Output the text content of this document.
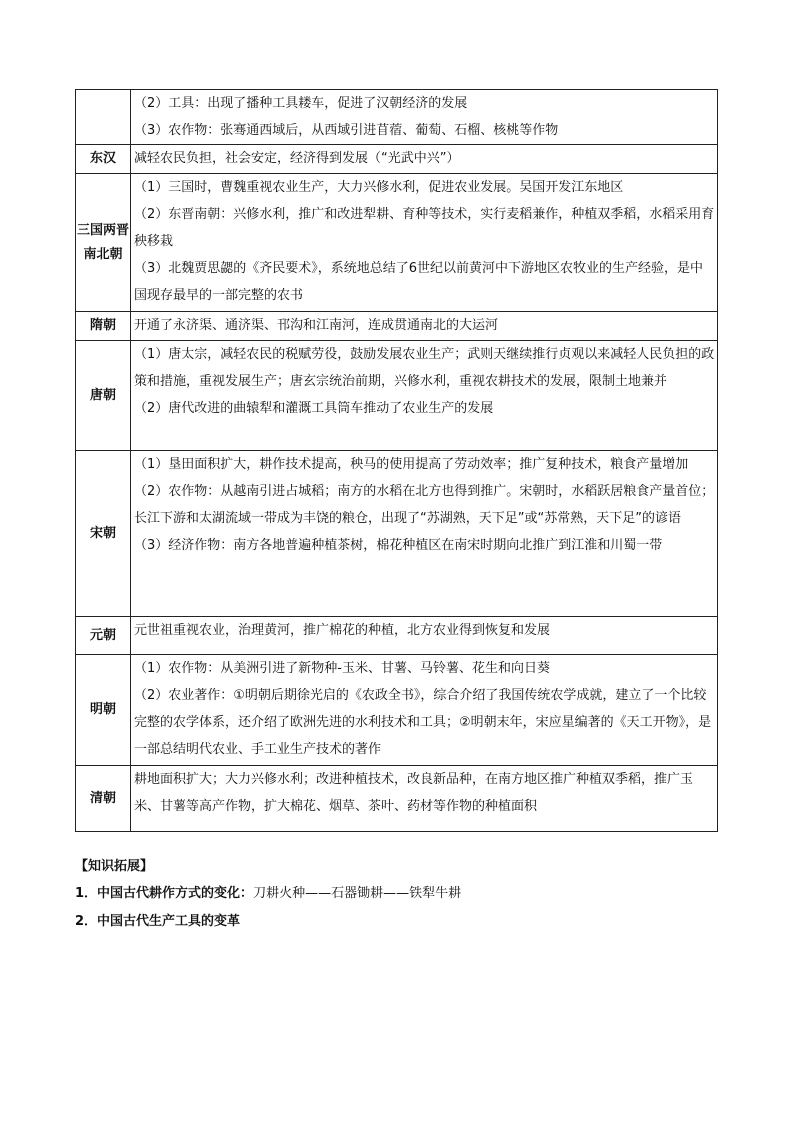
	（2）工具：出现了播种工具耧车，促进了汉朝经济的发展
（3）农作物：张骞通西域后，从西域引进苜蓿、葡萄、石榴、核桃等作物

东汉	减轻农民负担，社会安定，经济得到发展（“光武中兴”）

三国两晋南北朝	（1）三国时，曹魏重视农业生产，大力兴修水利，促进农业发展。吴国开发江东地区
（2）东晋南朝：兴修水利，推广和改进犁耕、育种等技术，实行麦稻兼作，种植双季稻，水稻采用育秧移栽
（3）北魏贾思勰的《齐民要术》，系统地总结了6世纪以前黄河中下游地区农牧业的生产经验，是中国现存最早的一部完整的农书

隋朝	开通了永济渠、通济渠、邗沟和江南河，连成贯通南北的大运河

唐朝	（1）唐太宗，减轻农民的税赋劳役，鼓励发展农业生产；武则天继续推行贞观以来减轻人民负担的政策和措施，重视发展生产；唐玄宗统治前期，兴修水利，重视农耕技术的发展，限制土地兼并
（2）唐代改进的曲辕犁和灌溉工具筒车推动了农业生产的发展

宋朝	（1）垦田面积扩大，耕作技术提高，秧马的使用提高了劳动效率；推广复种技术，粮食产量增加
（2）农作物：从越南引进占城稻；南方的水稻在北方也得到推广。宋朝时，水稻跃居粮食产量首位；长江下游和太湖流域一带成为丰饶的粮仓，出现了“苏湖熟，天下足”或“苏常熟，天下足”的谚语
（3）经济作物：南方各地普遍种植茶树，棉花种植区在南宋时期向北推广到江淮和川蜀一带

元朝	元世祖重视农业，治理黄河，推广棉花的种植，北方农业得到恢复和发展

明朝	（1）农作物：从美洲引进了新物种-玉米、甘薯、马铃薯、花生和向日葵
（2）农业著作：①明朝后期徐光启的《农政全书》，综合介绍了我国传统农学成就，建立了一个比较完整的农学体系，还介绍了欧洲先进的水利技术和工具；②明朝末年，宋应星编著的《天工开物》，是一部总结明代农业、手工业生产技术的著作

清朝	耕地面积扩大；大力兴修水利；改进种植技术，改良新品种，在南方地区推广种植双季稻，推广玉米、甘薯等高产作物，扩大棉花、烟草、茶叶、药材等作物的种植面积
【知识拓展】
1．中国古代耕作方式的变化：刀耕火种——石器锄耕——铁犁牛耕
2．中国古代生产工具的变革
